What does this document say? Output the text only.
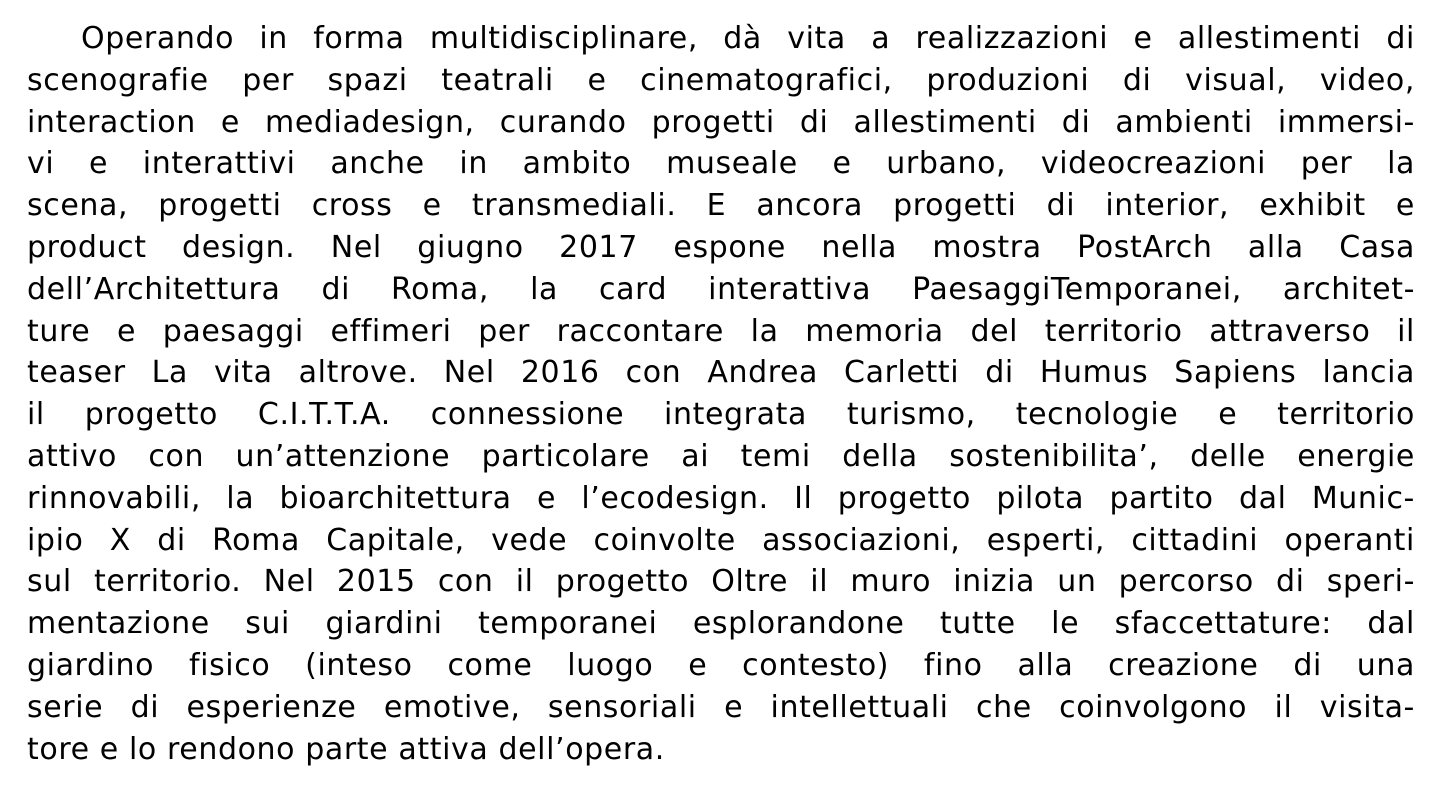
Operando in forma multidisciplinare, dà vita a realizzazioni e allestimenti di
scenografie per spazi teatrali e cinematografici, produzioni di visual, video,
interaction e mediadesign, curando progetti di allestimenti di ambienti immersi-
vi e interattivi anche in ambito museale e urbano, videocreazioni per la
scena, progetti cross e transmediali. E ancora progetti di interior, exhibit e
product design. Nel giugno 2017 espone nella mostra PostArch alla Casa
dell’Architettura di Roma, la card interattiva PaesaggiTemporanei, architet-
ture e paesaggi effimeri per raccontare la memoria del territorio attraverso il
teaser La vita altrove. Nel 2016 con Andrea Carletti di Humus Sapiens lancia
il progetto C.I.T.T.A. connessione integrata turismo, tecnologie e territorio
attivo con un’attenzione particolare ai temi della sostenibilita’, delle energie
rinnovabili, la bioarchitettura e l’ecodesign. Il progetto pilota partito dal Munic-
ipio X di Roma Capitale, vede coinvolte associazioni, esperti, cittadini operanti
sul territorio. Nel 2015 con il progetto Oltre il muro inizia un percorso di speri-
mentazione sui giardini temporanei esplorandone tutte le sfaccettature: dal
giardino fisico (inteso come luogo e contesto) fino alla creazione di una
serie di esperienze emotive, sensoriali e intellettuali che coinvolgono il visita-
tore e lo rendono parte attiva dell’opera.
